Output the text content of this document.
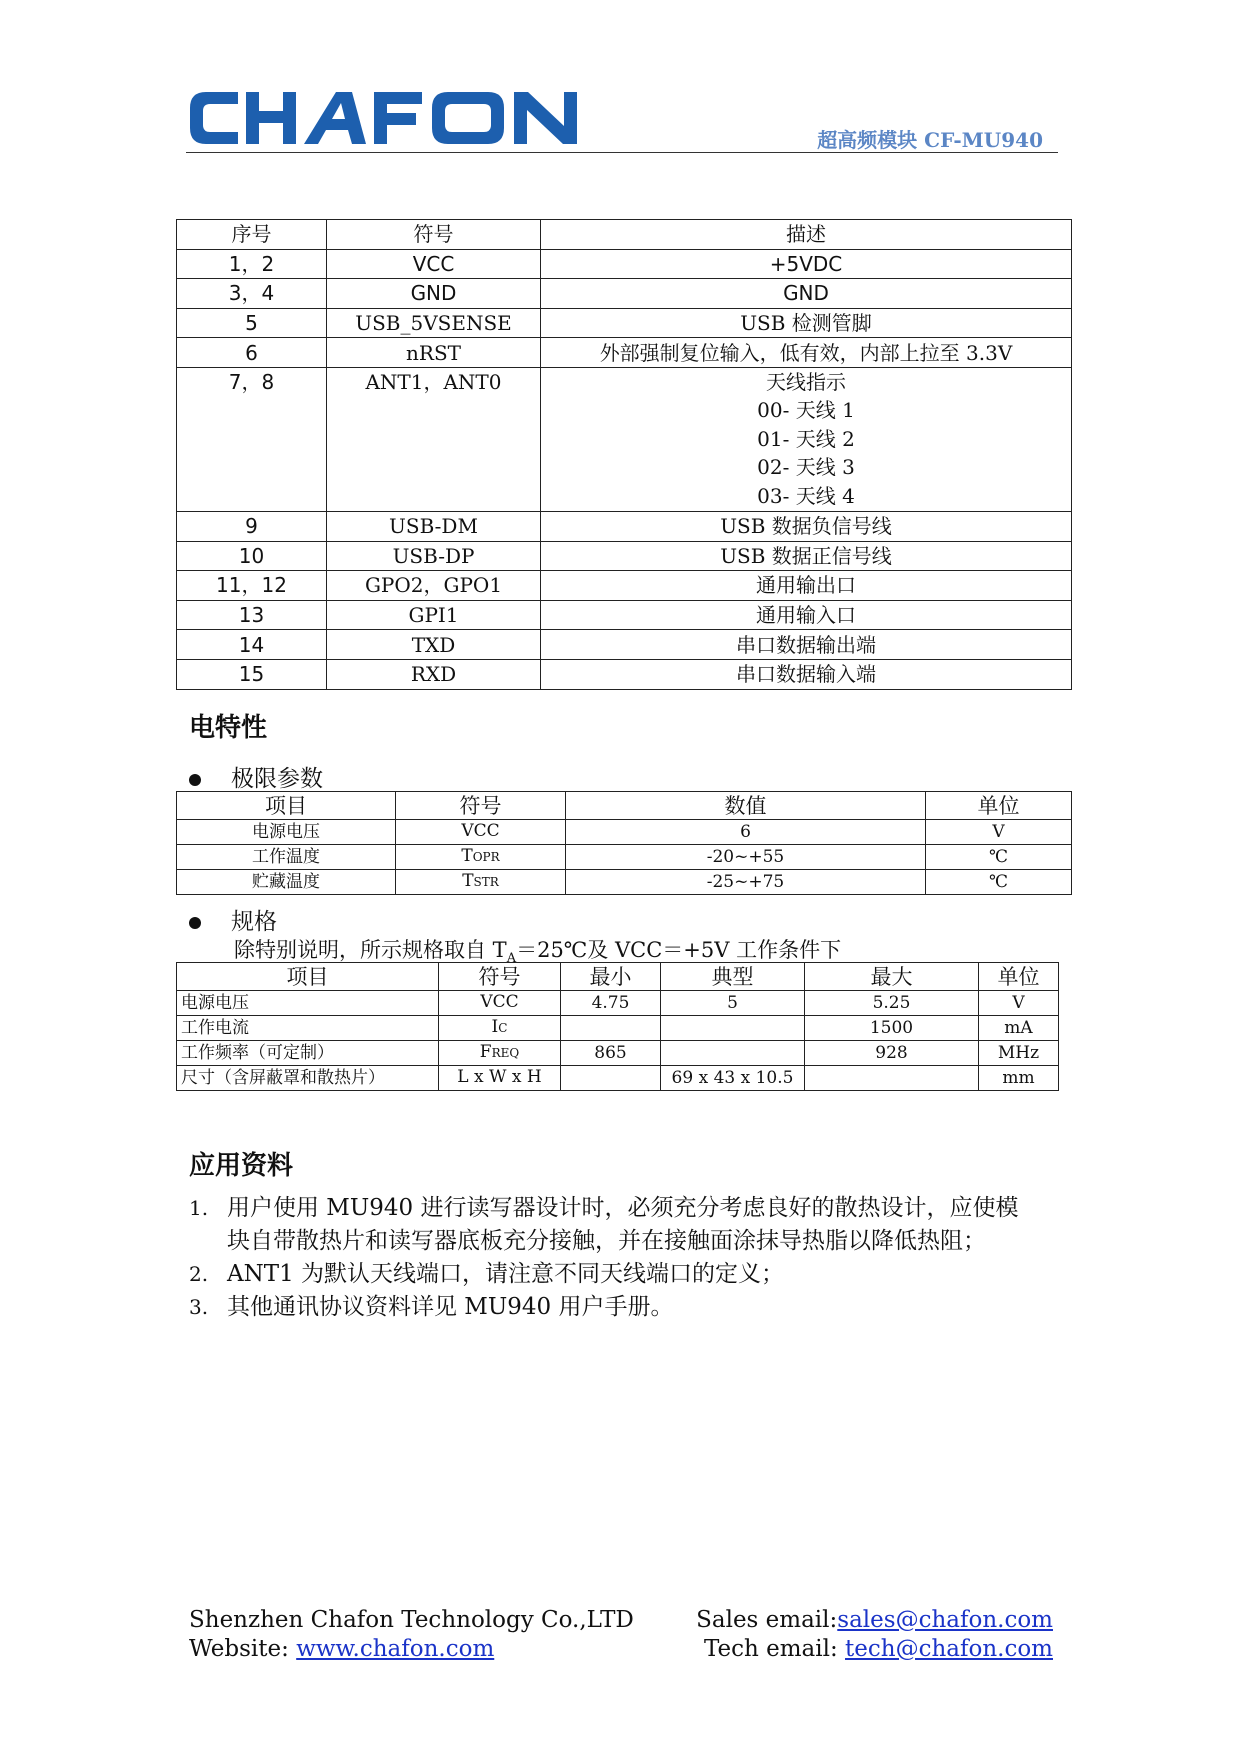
超高频模块 CF-MU940
序号	符号	描述
1，2	VCC	+5VDC
3，4	GND	GND
5	USB_5VSENSE	USB 检测管脚
6	nRST	外部强制复位输入，低有效，内部上拉至 3.3V
7，8	ANT1，ANT0	天线指示
00- 天线 1
01- 天线 2
02- 天线 3
03- 天线 4

9	USB-DM	USB 数据负信号线
10	USB-DP	USB 数据正信号线
11，12	GPO2，GPO1	通用输出口
13	GPI1	通用输入口
14	TXD	串口数据输出端
15	RXD	串口数据输入端
电特性
极限参数
项目	符号	数值	单位
电源电压	VCC	6	V
工作温度	TOPR	-20~+55	℃
贮藏温度	TSTR	-25~+75	℃
规格
除特别说明，所示规格取自 $T_A=25℃$及 VCC＝+5V 工作条件下
项目	符号	最小	典型	最大	单位
电源电压	VCC	4.75	5	5.25	V
工作电流	IC			1500	mA
工作频率（可定制）	FREQ	865		928	MHz
尺寸（含屏蔽罩和散热片）	L x W x H		69 x 43 x 10.5		mm
应用资料
1. 用户使用 MU940 进行读写器设计时，必须充分考虑良好的散热设计，应使模
块自带散热片和读写器底板充分接触，并在接触面涂抹导热脂以降低热阻；
2. ANT1 为默认天线端口，请注意不同天线端口的定义；
3. 其他通讯协议资料详见 MU940 用户手册。
Shenzhen Chafon Technology Co.,LTD
Website: www.chafon.com
Sales email:sales@chafon.com
Tech email: tech@chafon.com
